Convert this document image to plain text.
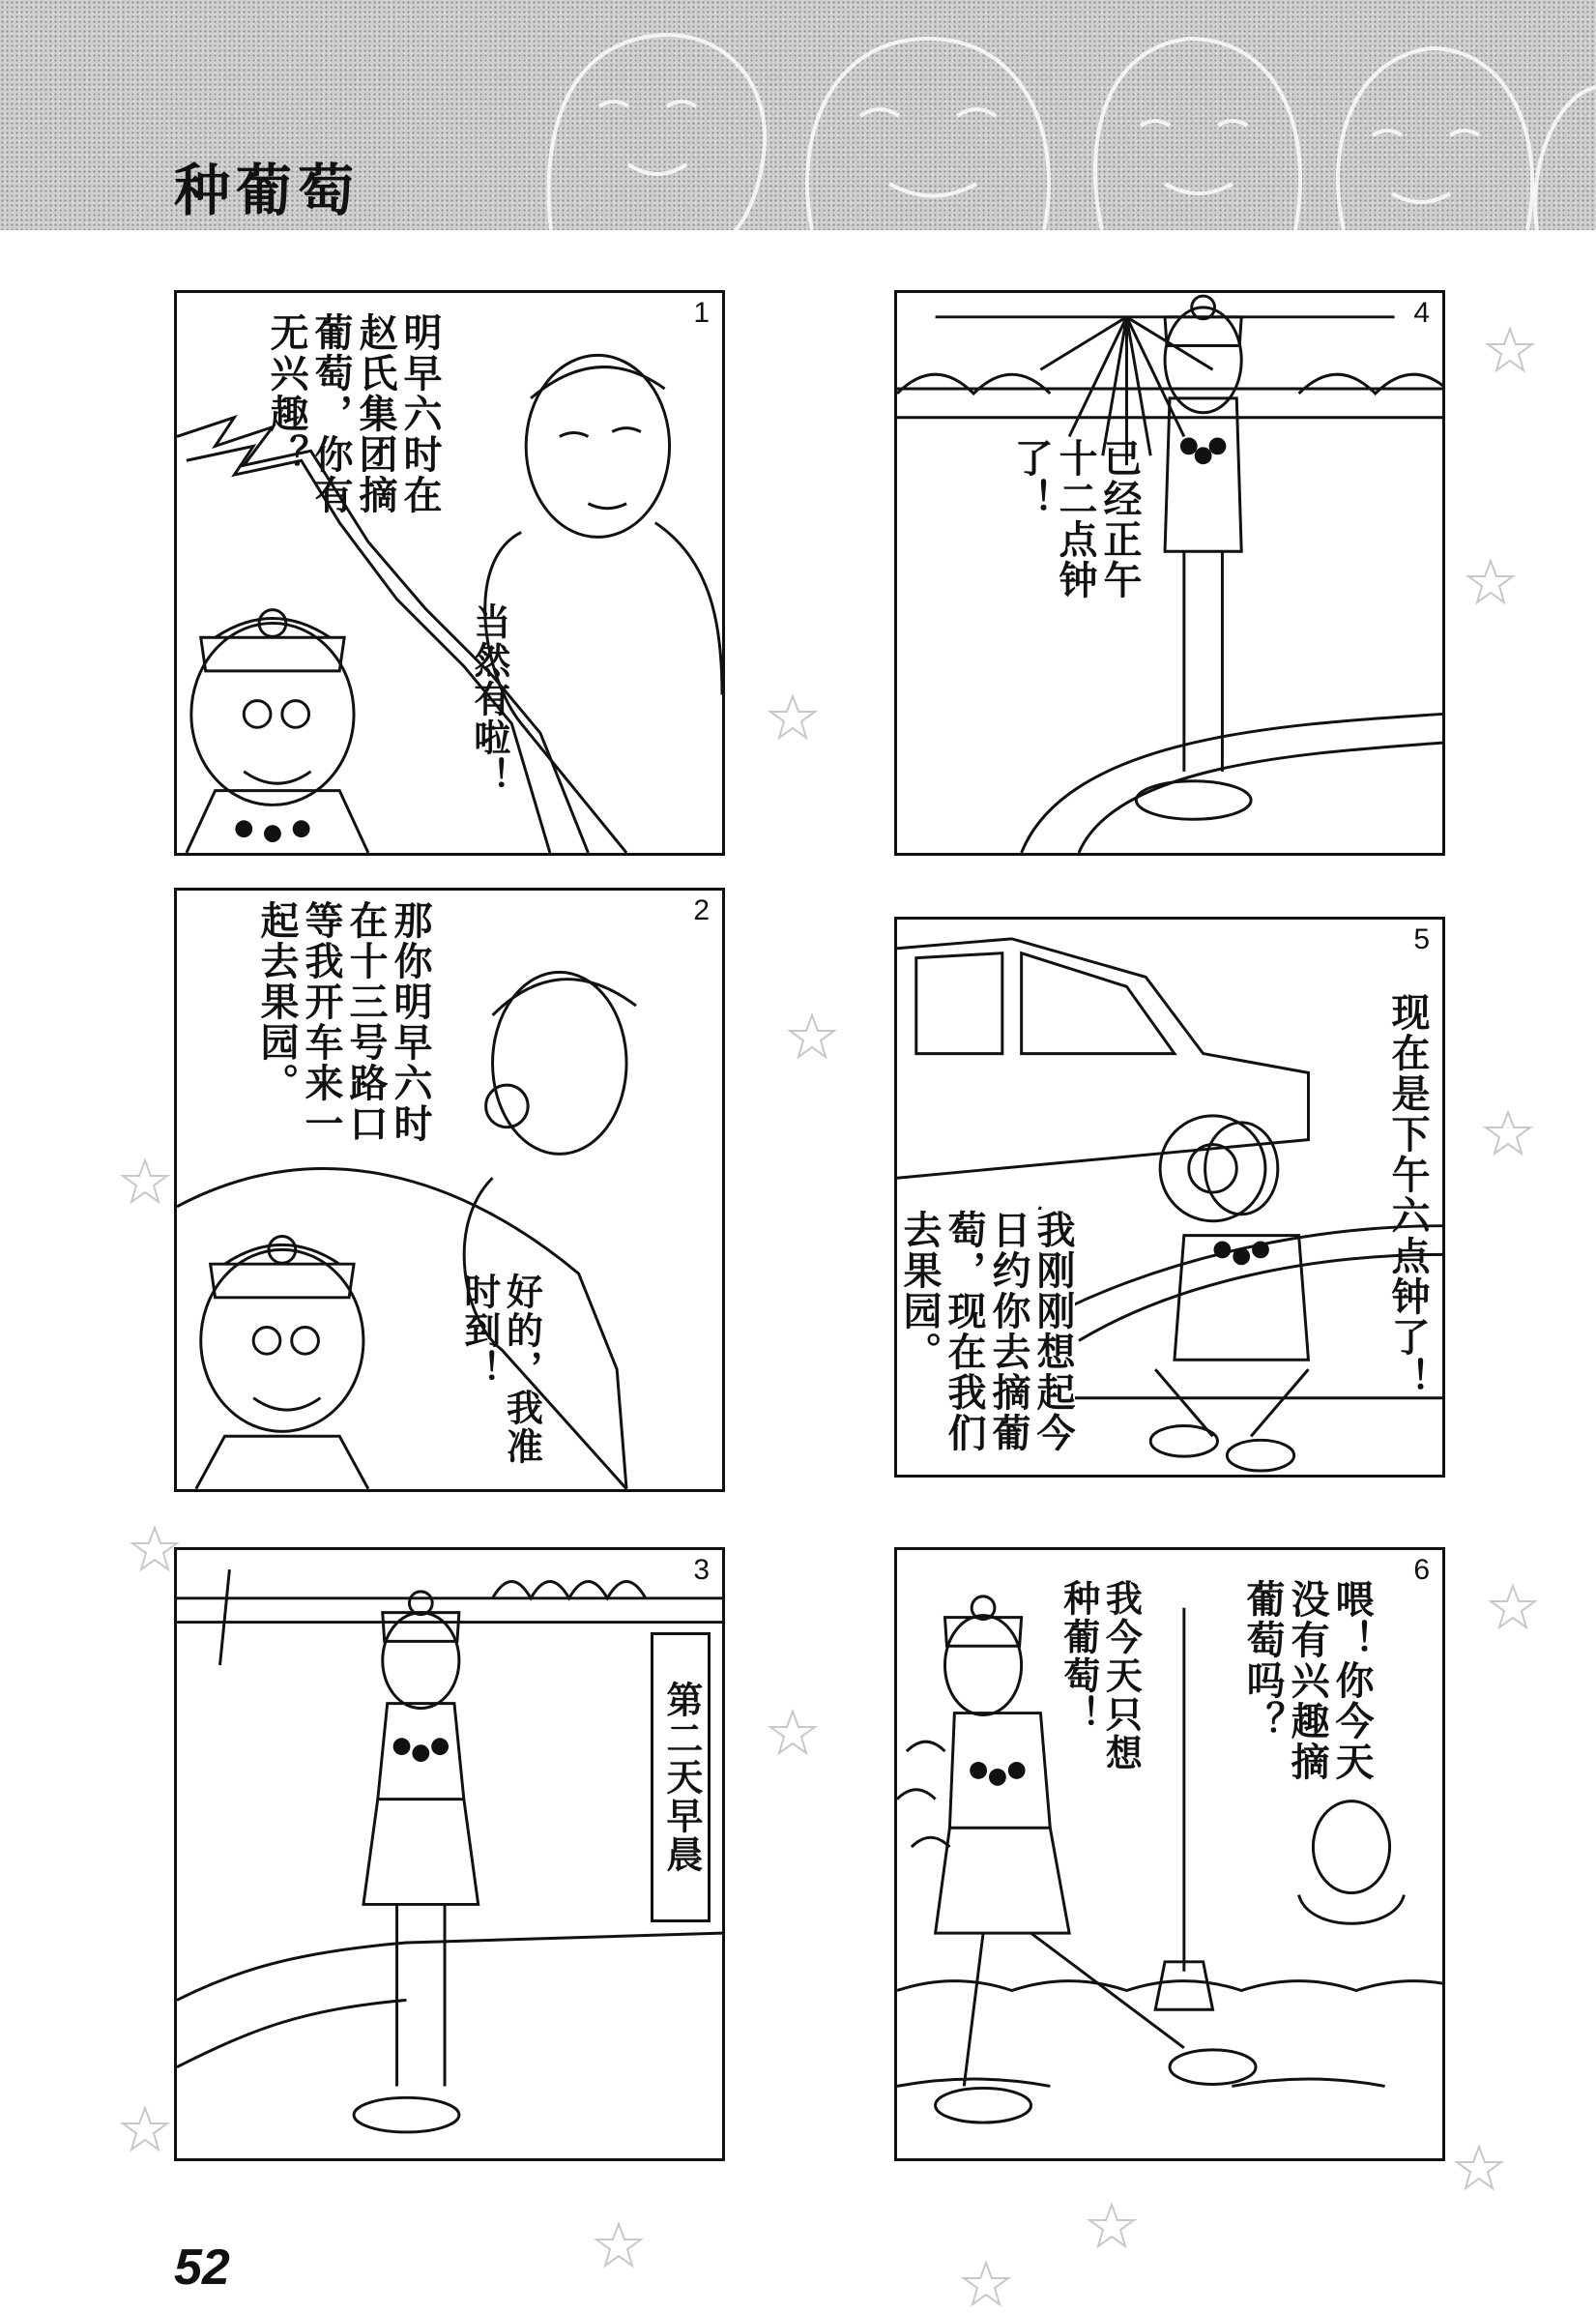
种葡萄
1
明早六时在赵氏集团摘葡萄，你有无兴趣？
当然有啦！
4
已经正午十二点钟了！
2
那你明早六时在十三号路口等我开车来一起去果园。
好的，我准时到！
5
现在是下午六点钟了！
我刚刚想起今日约你去摘葡萄，现在我们去果园。
3
第二天早晨
6
喂！你今天没有兴趣摘葡萄吗？
我今天只想种葡萄！
52
